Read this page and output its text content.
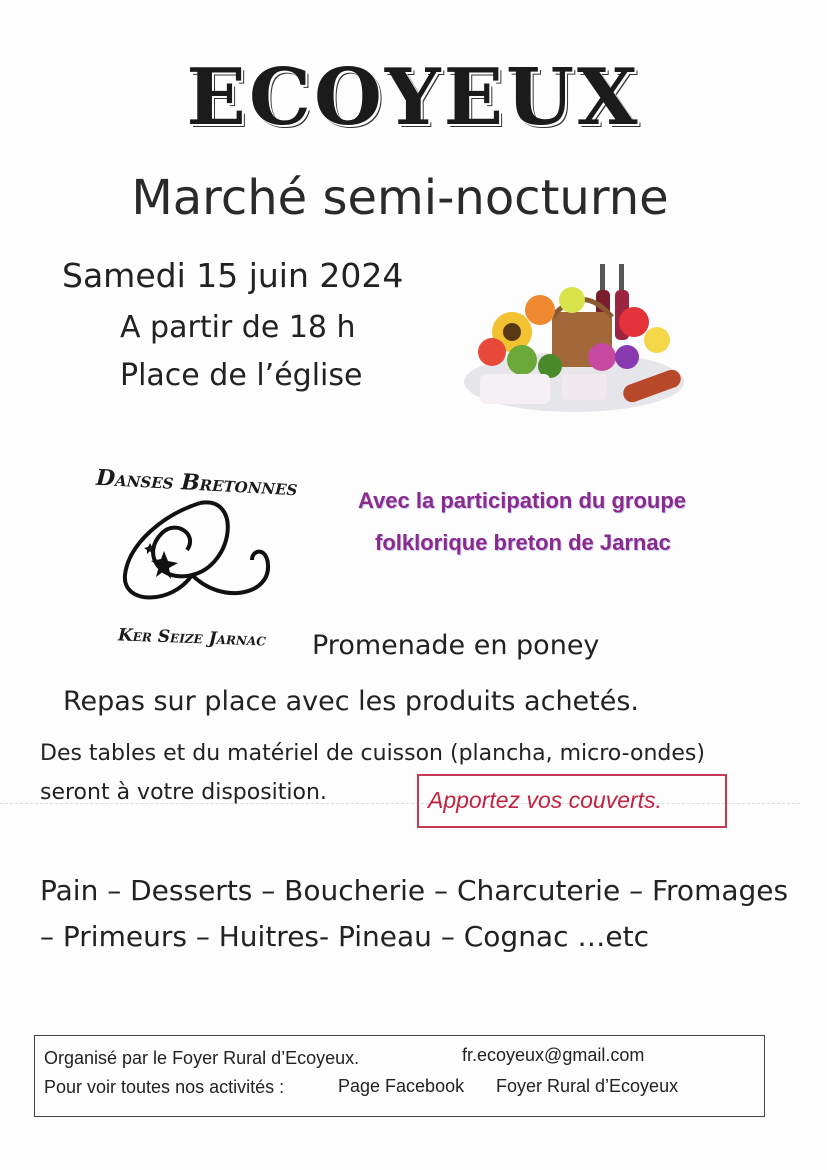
ECOYEUX
Marché semi-nocturne
Samedi 15 juin 2024
A partir de 18 h
Place de l’église
Danses Bretonnes
Ker Seize Jarnac
Avec la participation du groupe
folklorique breton de Jarnac
Promenade en poney
Repas sur place avec les produits achetés.
Des tables et du matériel de cuisson (plancha, micro-ondes)
seront à votre disposition.	Apportez vos couverts.
Pain – Desserts – Boucherie – Charcuterie – Fromages
– Primeurs – Huitres- Pineau – Cognac …etc
Organisé par le Foyer Rural d’Ecoyeux.	fr.ecoyeux@gmail.com
Pour voir toutes nos activités :	Page Facebook Foyer Rural d’Ecoyeux
